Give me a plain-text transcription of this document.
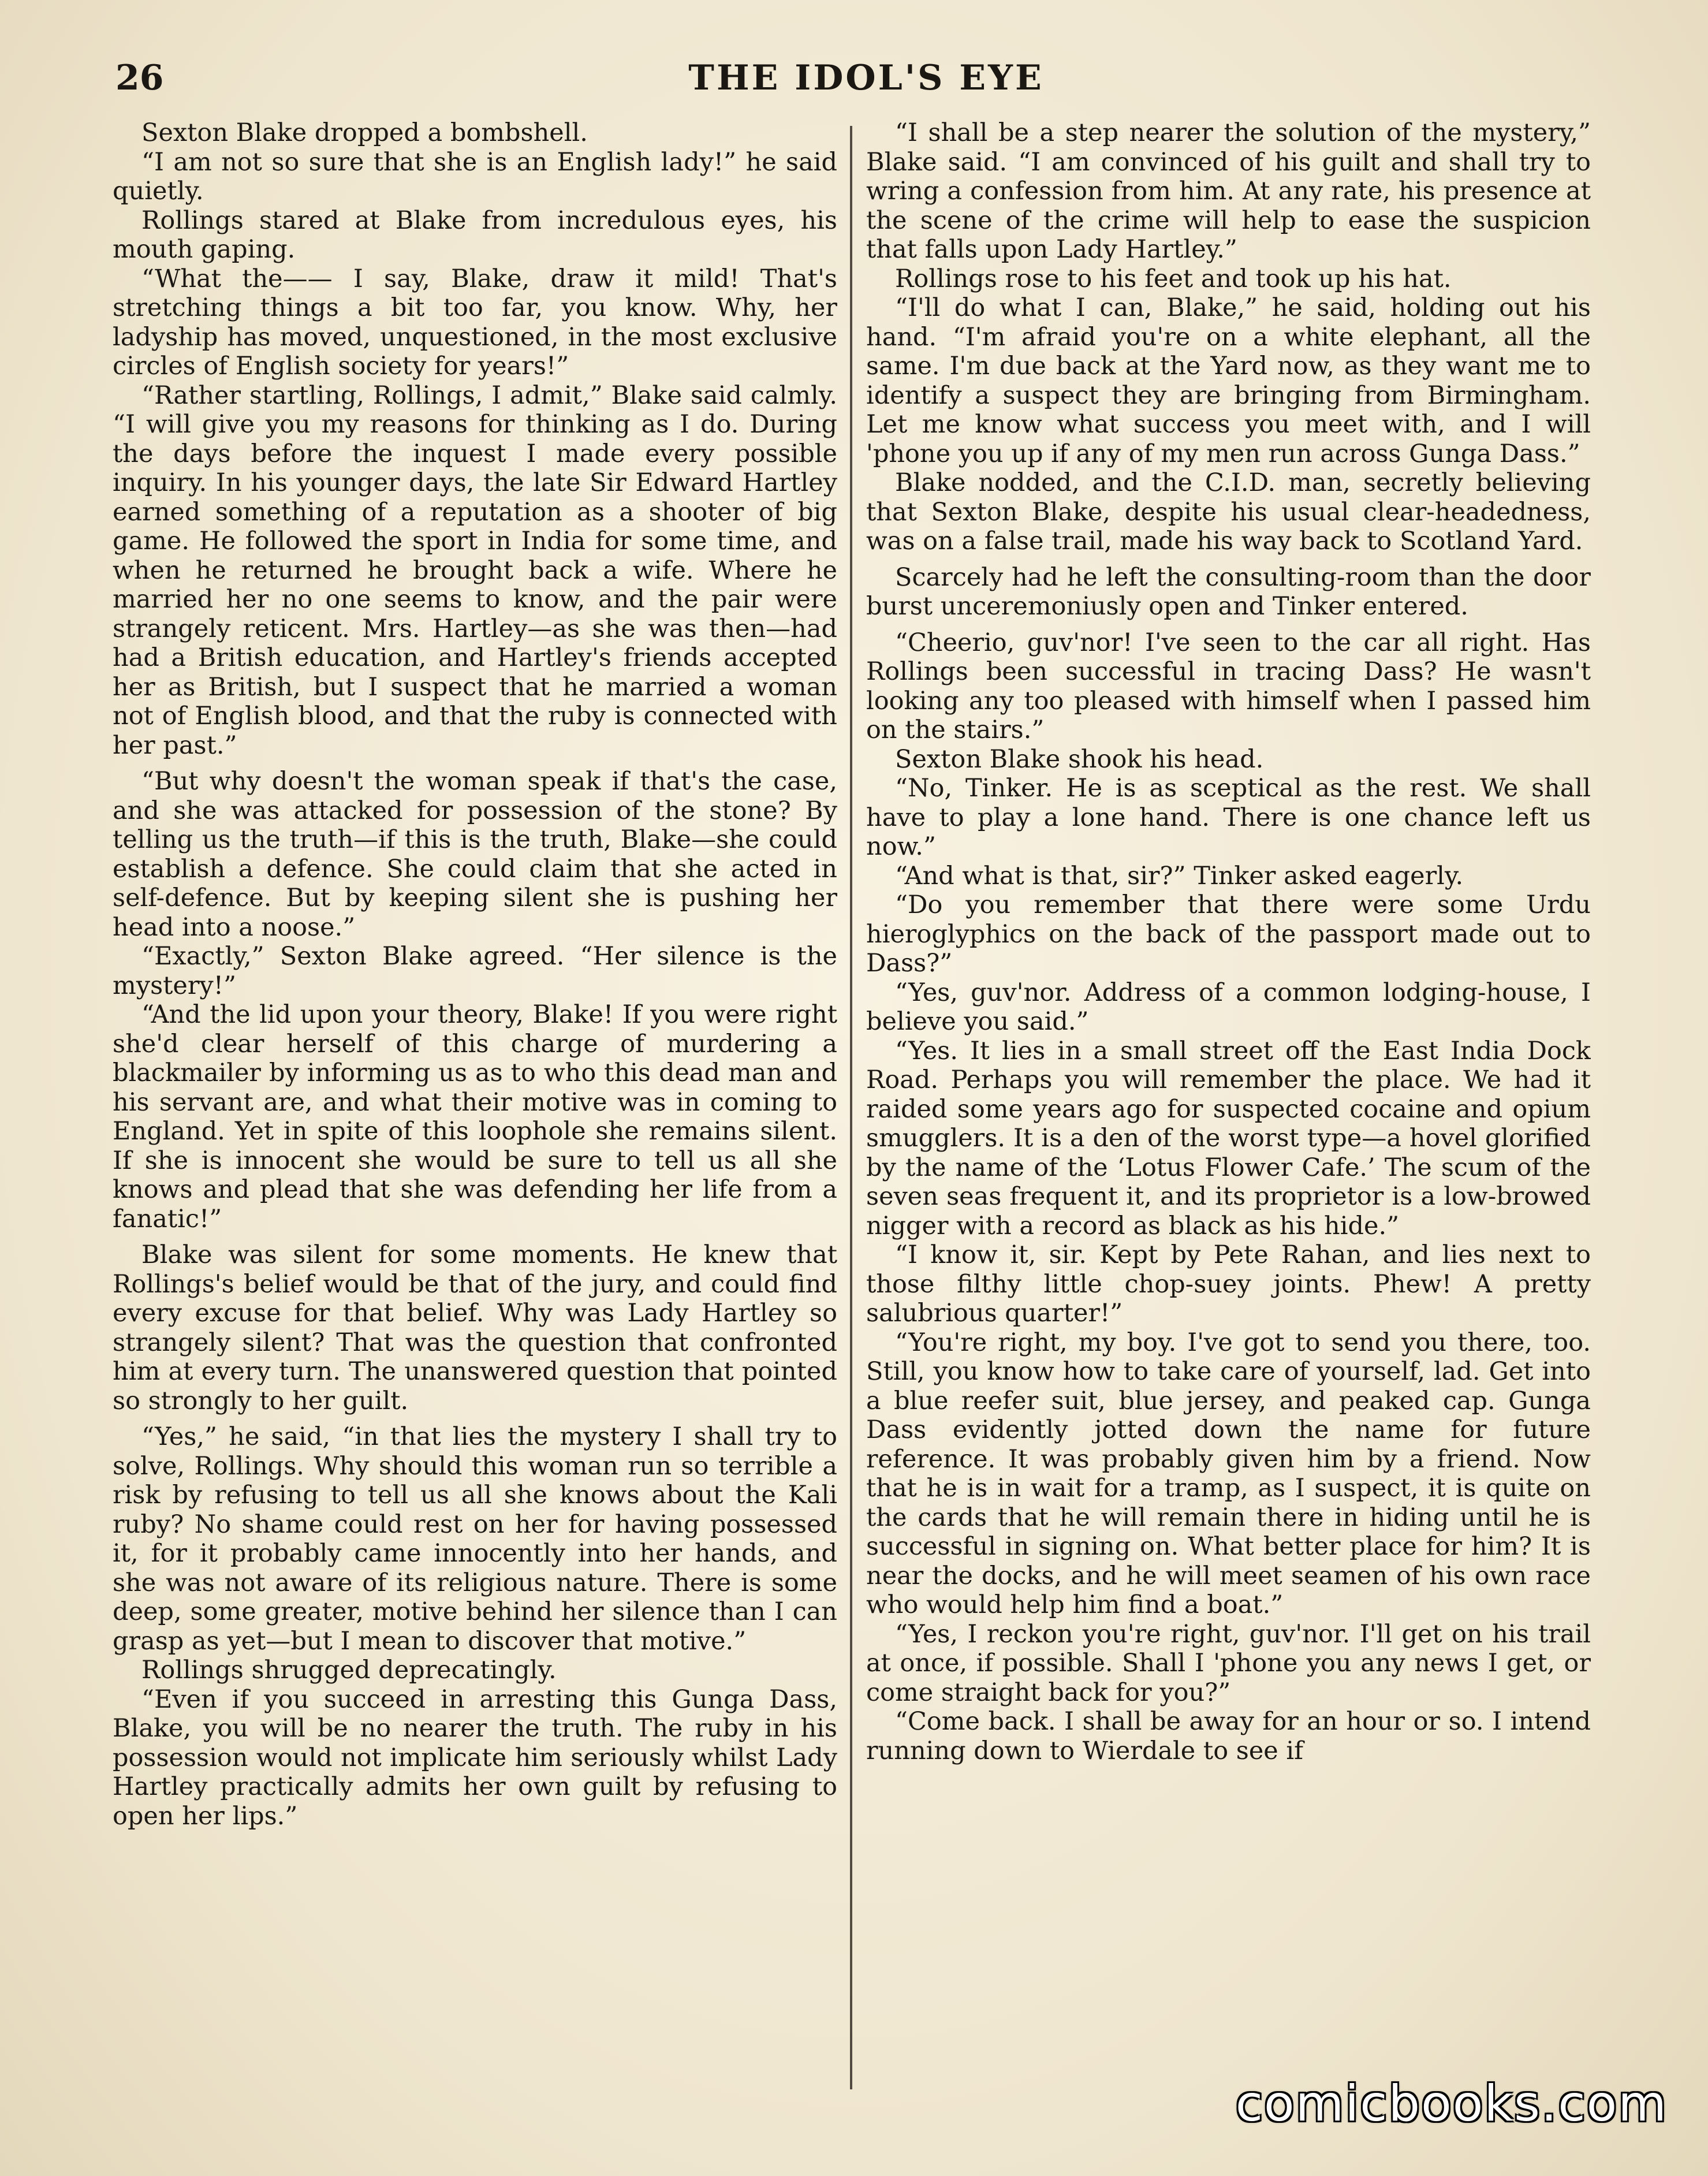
26	THE IDOL'S EYE

Sexton Blake dropped a bombshell.

“I am not so sure that she is an English lady!” he said quietly.

Rollings stared at Blake from incredulous eyes, his mouth gaping.

“What the—— I say, Blake, draw it mild! That's stretching things a bit too far, you know. Why, her ladyship has moved, unquestioned, in the most exclusive circles of English society for years!”

“Rather startling, Rollings, I admit,” Blake said calmly. “I will give you my reasons for thinking as I do. During the days before the inquest I made every possible inquiry. In his younger days, the late Sir Edward Hartley earned something of a reputation as a shooter of big game. He followed the sport in India for some time, and when he returned he brought back a wife. Where he married her no one seems to know, and the pair were strangely reticent. Mrs. Hartley—as she was then—had had a British education, and Hartley's friends accepted her as British, but I suspect that he married a woman not of English blood, and that the ruby is connected with her past.”

“But why doesn't the woman speak if that's the case, and she was attacked for possession of the stone? By telling us the truth—if this is the truth, Blake—she could establish a defence. She could claim that she acted in self-defence. But by keeping silent she is pushing her head into a noose.”

“Exactly,” Sexton Blake agreed. “Her silence is the mystery!”

“And the lid upon your theory, Blake! If you were right she'd clear herself of this charge of murdering a blackmailer by informing us as to who this dead man and his servant are, and what their motive was in coming to England. Yet in spite of this loophole she remains silent. If she is innocent she would be sure to tell us all she knows and plead that she was defending her life from a fanatic!”

Blake was silent for some moments. He knew that Rollings's belief would be that of the jury, and could find every excuse for that belief. Why was Lady Hartley so strangely silent? That was the question that confronted him at every turn. The unanswered question that pointed so strongly to her guilt.

“Yes,” he said, “in that lies the mystery I shall try to solve, Rollings. Why should this woman run so terrible a risk by refusing to tell us all she knows about the Kali ruby? No shame could rest on her for having possessed it, for it probably came innocently into her hands, and she was not aware of its religious nature. There is some deep, some greater, motive behind her silence than I can grasp as yet—but I mean to discover that motive.”

Rollings shrugged deprecatingly.

“Even if you succeed in arresting this Gunga Dass, Blake, you will be no nearer the truth. The ruby in his possession would not implicate him seriously whilst Lady Hartley practically admits her own guilt by refusing to open her lips.”

“I shall be a step nearer the solution of the mystery,” Blake said. “I am convinced of his guilt and shall try to wring a confession from him. At any rate, his presence at the scene of the crime will help to ease the suspicion that falls upon Lady Hartley.”

Rollings rose to his feet and took up his hat.

“I'll do what I can, Blake,” he said, holding out his hand. “I'm afraid you're on a white elephant, all the same. I'm due back at the Yard now, as they want me to identify a suspect they are bringing from Birmingham. Let me know what success you meet with, and I will 'phone you up if any of my men run across Gunga Dass.”

Blake nodded, and the C.I.D. man, secretly believing that Sexton Blake, despite his usual clear-headedness, was on a false trail, made his way back to Scotland Yard.

Scarcely had he left the consulting-room than the door burst unceremoniusly open and Tinker entered.

“Cheerio, guv'nor! I've seen to the car all right. Has Rollings been successful in tracing Dass? He wasn't looking any too pleased with himself when I passed him on the stairs.”

Sexton Blake shook his head.

“No, Tinker. He is as sceptical as the rest. We shall have to play a lone hand. There is one chance left us now.”

“And what is that, sir?” Tinker asked eagerly.

“Do you remember that there were some Urdu hieroglyphics on the back of the passport made out to Dass?”

“Yes, guv'nor. Address of a common lodging-house, I believe you said.”

“Yes. It lies in a small street off the East India Dock Road. Perhaps you will remember the place. We had it raided some years ago for suspected cocaine and opium smugglers. It is a den of the worst type—a hovel glorified by the name of the ‘Lotus Flower Cafe.’ The scum of the seven seas frequent it, and its proprietor is a low-browed nigger with a record as black as his hide.”

“I know it, sir. Kept by Pete Rahan, and lies next to those filthy little chop-suey joints. Phew! A pretty salubrious quarter!”

“You're right, my boy. I've got to send you there, too. Still, you know how to take care of yourself, lad. Get into a blue reefer suit, blue jersey, and peaked cap. Gunga Dass evidently jotted down the name for future reference. It was probably given him by a friend. Now that he is in wait for a tramp, as I suspect, it is quite on the cards that he will remain there in hiding until he is successful in signing on. What better place for him? It is near the docks, and he will meet seamen of his own race who would help him find a boat.”

“Yes, I reckon you're right, guv'nor. I'll get on his trail at once, if possible. Shall I 'phone you any news I get, or come straight back for you?”

“Come back. I shall be away for an hour or so. I intend running down to Wierdale to see if

comicbooks.com
